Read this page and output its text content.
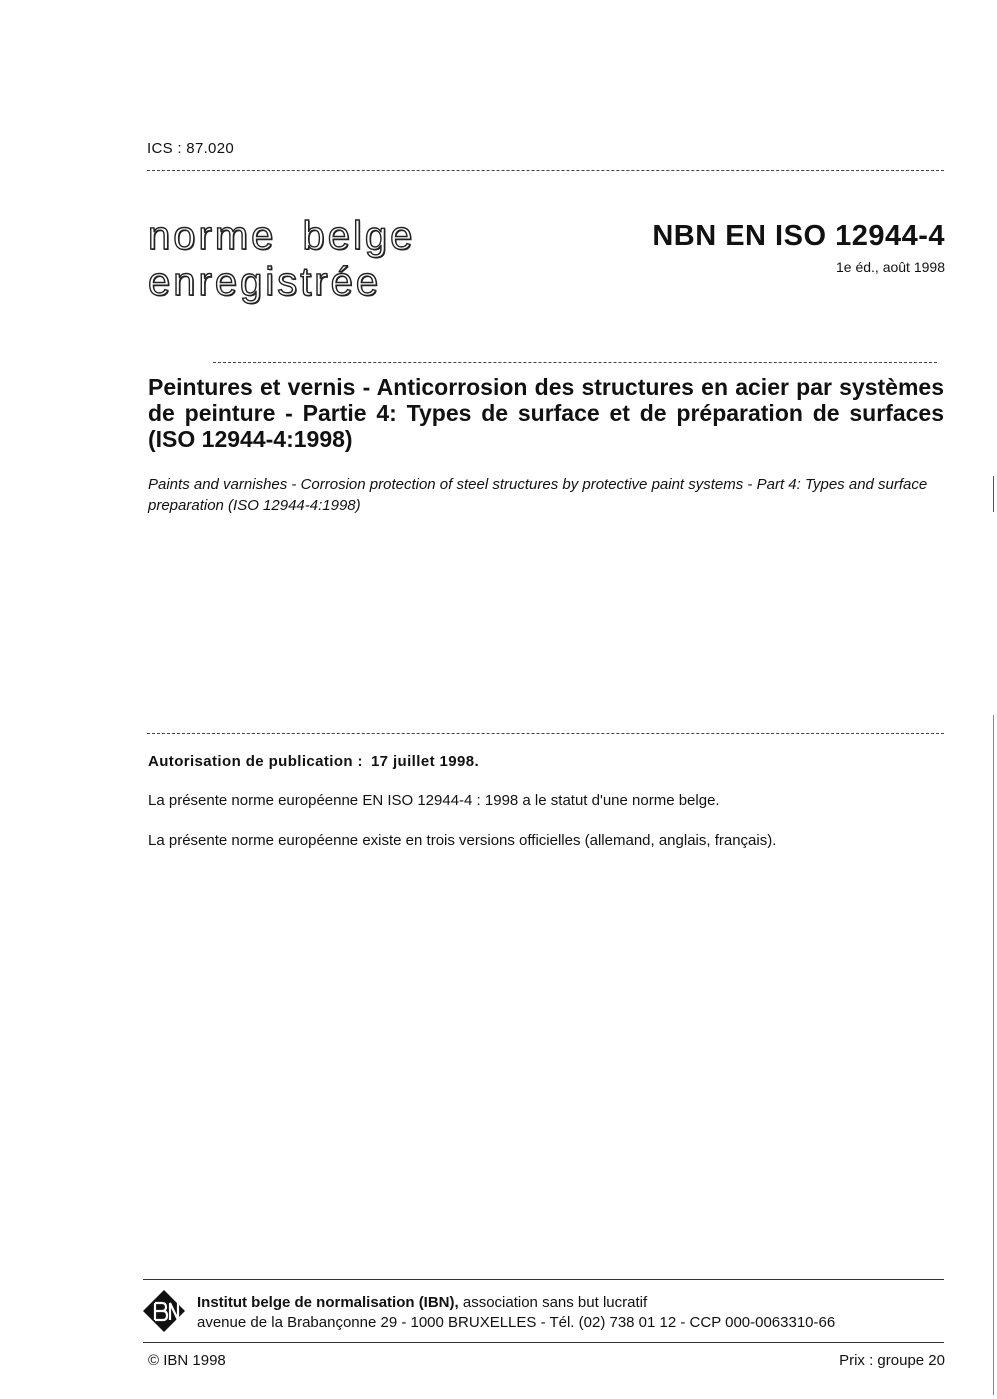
ICS : 87.020
norme belge
enregistrée
NBN EN ISO 12944-4
1e éd., août 1998

Peintures et vernis - Anticorrosion des structures en acier par systèmes de peinture - Partie 4: Types de surface et de préparation de surfaces (ISO 12944-4:1998)

Paints and varnishes - Corrosion protection of steel structures by protective paint systems - Part 4: Types and surface preparation (ISO 12944-4:1998)

Autorisation de publication : 17 juillet 1998.
La présente norme européenne EN ISO 12944-4 : 1998 a le statut d'une norme belge.
La présente norme européenne existe en trois versions officielles (allemand, anglais, français).
Institut belge de normalisation (IBN), association sans but lucratif
avenue de la Brabançonne 29 - 1000 BRUXELLES - Tél. (02) 738 01 12 - CCP 000-0063310-66
© IBN 1998	Prix : groupe 20
